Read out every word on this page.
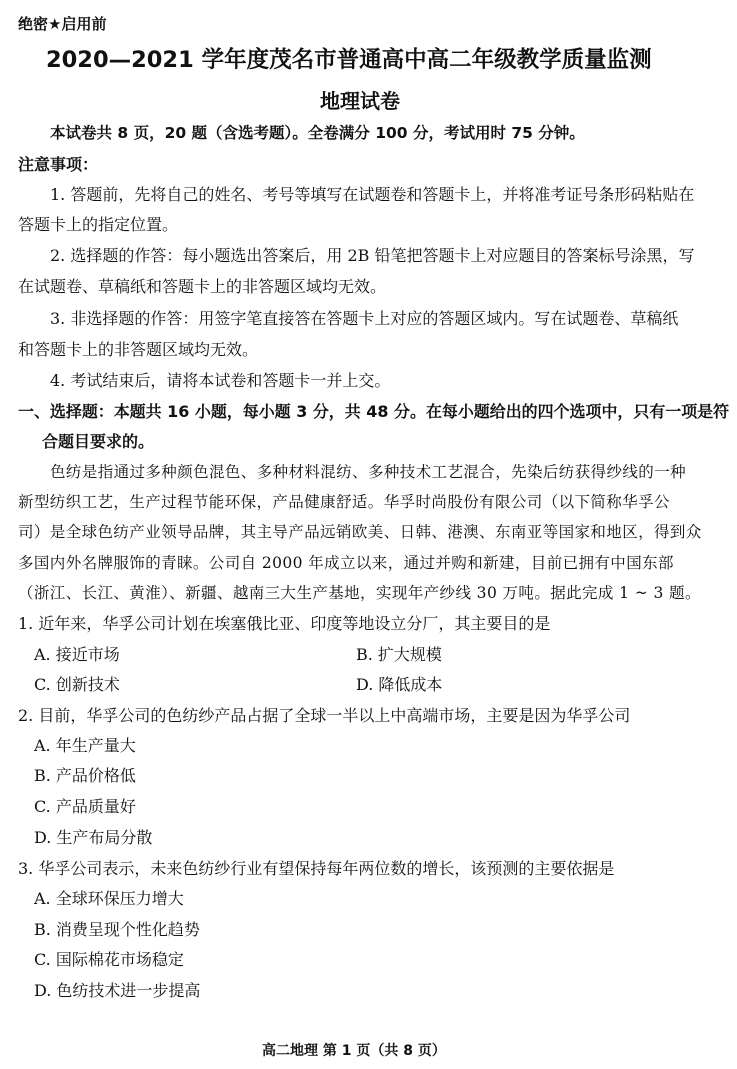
绝密★启用前
2020—2021 学年度茂名市普通高中高二年级教学质量监测
地理试卷
本试卷共 8 页，20 题（含选考题）。全卷满分 100 分，考试用时 75 分钟。
注意事项：
1. 答题前，先将自己的姓名、考号等填写在试题卷和答题卡上，并将准考证号条形码粘贴在
答题卡上的指定位置。
2. 选择题的作答：每小题选出答案后，用 2B 铅笔把答题卡上对应题目的答案标号涂黑，写
在试题卷、草稿纸和答题卡上的非答题区域均无效。
3. 非选择题的作答：用签字笔直接答在答题卡上对应的答题区域内。写在试题卷、草稿纸
和答题卡上的非答题区域均无效。
4. 考试结束后，请将本试卷和答题卡一并上交。
一、选择题：本题共 16 小题，每小题 3 分，共 48 分。在每小题给出的四个选项中，只有一项是符
合题目要求的。
色纺是指通过多种颜色混色、多种材料混纺、多种技术工艺混合，先染后纺获得纱线的一种
新型纺织工艺，生产过程节能环保，产品健康舒适。华孚时尚股份有限公司（以下简称华孚公
司）是全球色纺产业领导品牌，其主导产品远销欧美、日韩、港澳、东南亚等国家和地区，得到众
多国内外名牌服饰的青睐。公司自 2000 年成立以来，通过并购和新建，目前已拥有中国东部
（浙江、长江、黄淮）、新疆、越南三大生产基地，实现年产纱线 30 万吨。据此完成 1 ~ 3 题。
1. 近年来，华孚公司计划在埃塞俄比亚、印度等地设立分厂，其主要目的是
A. 接近市场	B. 扩大规模
C. 创新技术	D. 降低成本
2. 目前，华孚公司的色纺纱产品占据了全球一半以上中高端市场，主要是因为华孚公司
A. 年生产量大
B. 产品价格低
C. 产品质量好
D. 生产布局分散
3. 华孚公司表示，未来色纺纱行业有望保持每年两位数的增长，该预测的主要依据是
A. 全球环保压力增大
B. 消费呈现个性化趋势
C. 国际棉花市场稳定
D. 色纺技术进一步提高
高二地理 第 1 页（共 8 页）
